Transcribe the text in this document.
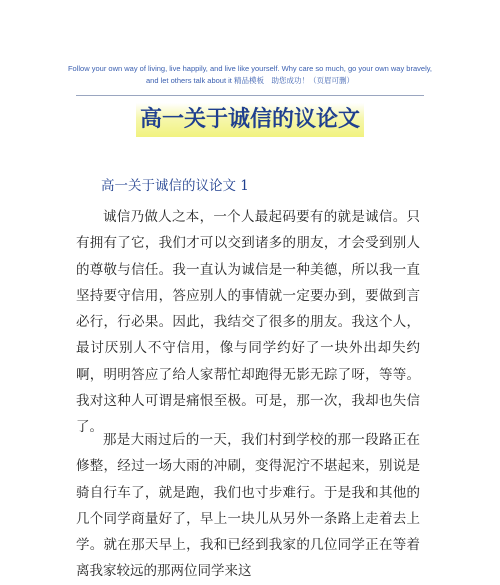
Follow your own way of living, live happily, and live like yourself. Why care so much, go your own way bravely,
and let others talk about it 精品模板　助您成功！（页眉可删）
高一关于诚信的议论文
高一关于诚信的议论文 1

诚信乃做人之本，一个人最起码要有的就是诚信。只有拥有了它，我们才可以交到诸多的朋友，才会受到别人的尊敬与信任。我一直认为诚信是一种美德，所以我一直坚持要守信用，答应别人的事情就一定要办到，要做到言必行，行必果。因此，我结交了很多的朋友。我这个人，最讨厌别人不守信用，像与同学约好了一块外出却失约啊，明明答应了给人家帮忙却跑得无影无踪了呀，等等。我对这种人可谓是痛恨至极。可是，那一次，我却也失信了。

那是大雨过后的一天，我们村到学校的那一段路正在修整，经过一场大雨的冲刷，变得泥泞不堪起来，别说是骑自行车了，就是跑，我们也寸步难行。于是我和其他的几个同学商量好了，早上一块儿从另外一条路上走着去上学。就在那天早上，我和已经到我家的几位同学正在等着离我家较远的那两位同学来这
